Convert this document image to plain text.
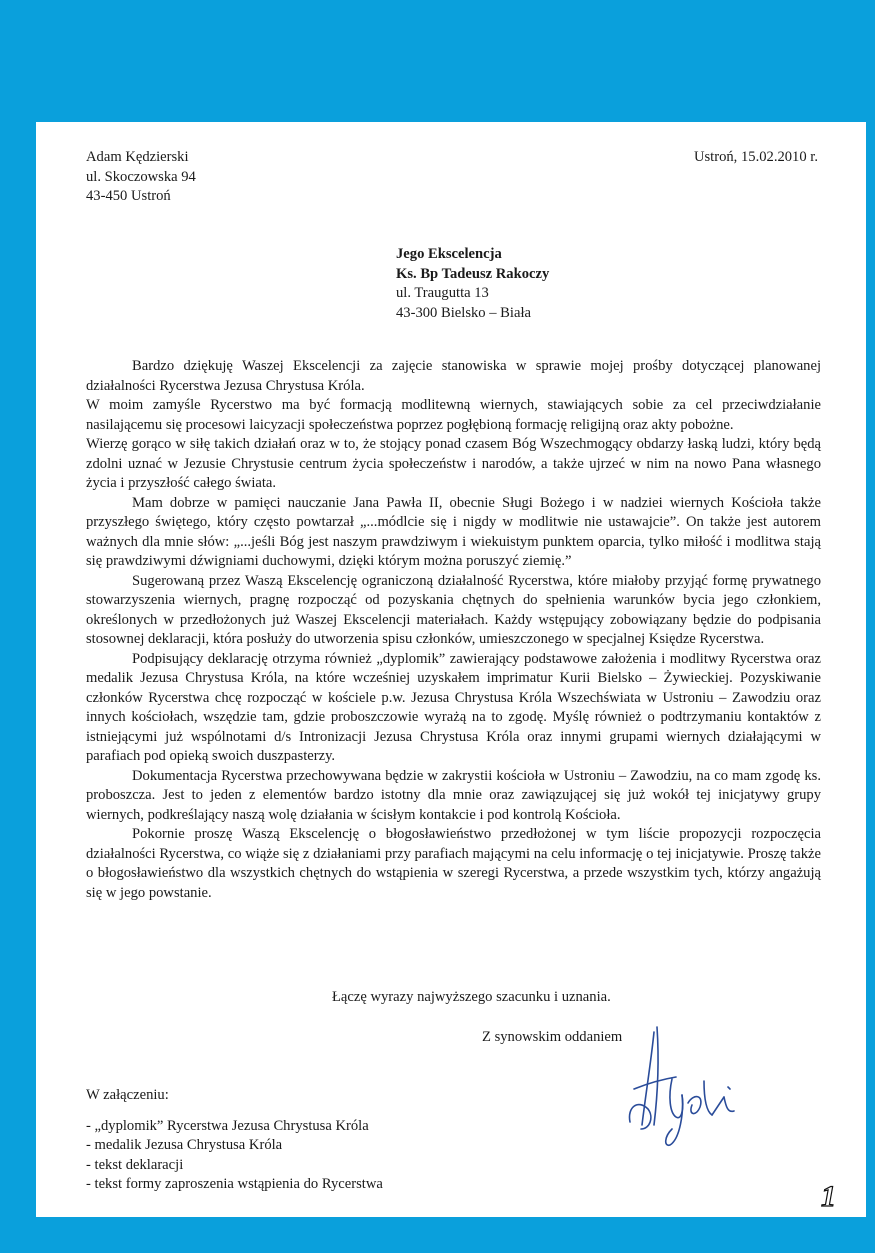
Adam Kędzierski
ul. Skoczowska 94
43-450 Ustroń
Ustroń, 15.02.2010 r.
Jego Ekscelencja
Ks. Bp Tadeusz Rakoczy
ul. Traugutta 13
43-300 Bielsko – Biała

Bardzo dziękuję Waszej Ekscelencji za zajęcie stanowiska w sprawie mojej prośby dotyczącej planowanej działalności Rycerstwa Jezusa Chrystusa Króla.

W moim zamyśle Rycerstwo ma być formacją modlitewną wiernych, stawiających sobie za cel przeciwdziałanie nasilającemu się procesowi laicyzacji społeczeństwa poprzez pogłębioną formację religijną oraz akty pobożne.

Wierzę gorąco w siłę takich działań oraz w to, że stojący ponad czasem Bóg Wszechmogący obdarzy łaską ludzi, który będą zdolni uznać w Jezusie Chrystusie centrum życia społeczeństw i narodów, a także ujrzeć w nim na nowo Pana własnego życia i przyszłość całego świata.

Mam dobrze w pamięci nauczanie Jana Pawła II, obecnie Sługi Bożego i w nadziei wiernych Kościoła także przyszłego świętego, który często powtarzał „...módlcie się i nigdy w modlitwie nie ustawajcie”. On także jest autorem ważnych dla mnie słów: „...jeśli Bóg jest naszym prawdziwym i wiekuistym punktem oparcia, tylko miłość i modlitwa stają się prawdziwymi dźwigniami duchowymi, dzięki którym można poruszyć ziemię.”

Sugerowaną przez Waszą Ekscelencję ograniczoną działalność Rycerstwa, które miałoby przyjąć formę prywatnego stowarzyszenia wiernych, pragnę rozpocząć od pozyskania chętnych do spełnienia warunków bycia jego członkiem, określonych w przedłożonych już Waszej Ekscelencji materiałach. Każdy wstępujący zobowiązany będzie do podpisania stosownej deklaracji, która posłuży do utworzenia spisu członków, umieszczonego w specjalnej Księdze Rycerstwa.

Podpisujący deklarację otrzyma również „dyplomik” zawierający podstawowe założenia i modlitwy Rycerstwa oraz medalik Jezusa Chrystusa Króla, na które wcześniej uzyskałem imprimatur Kurii Bielsko – Żywieckiej. Pozyskiwanie członków Rycerstwa chcę rozpocząć w kościele p.w. Jezusa Chrystusa Króla Wszechświata w Ustroniu – Zawodziu oraz innych kościołach, wszędzie tam, gdzie proboszczowie wyrażą na to zgodę. Myślę również o podtrzymaniu kontaktów z istniejącymi już wspólnotami d/s Intronizacji Jezusa Chrystusa Króla oraz innymi grupami wiernych działającymi w parafiach pod opieką swoich duszpasterzy.

Dokumentacja Rycerstwa przechowywana będzie w zakrystii kościoła w Ustroniu – Zawodziu, na co mam zgodę ks. proboszcza. Jest to jeden z elementów bardzo istotny dla mnie oraz zawiązującej się już wokół tej inicjatywy grupy wiernych, podkreślający naszą wolę działania w ścisłym kontakcie i pod kontrolą Kościoła.

Pokornie proszę Waszą Ekscelencję o błogosławieństwo przedłożonej w tym liście propozycji rozpoczęcia działalności Rycerstwa, co wiąże się z działaniami przy parafiach mającymi na celu informację o tej inicjatywie. Proszę także o błogosławieństwo dla wszystkich chętnych do wstąpienia w szeregi Rycerstwa, a przede wszystkim tych, którzy angażują się w jego powstanie.

Łączę wyrazy najwyższego szacunku i uznania.
Z synowskim oddaniem
W załączeniu:
- „dyplomik” Rycerstwa Jezusa Chrystusa Króla
- medalik Jezusa Chrystusa Króla
- tekst deklaracji
- tekst formy zaproszenia wstąpienia do Rycerstwa	1
